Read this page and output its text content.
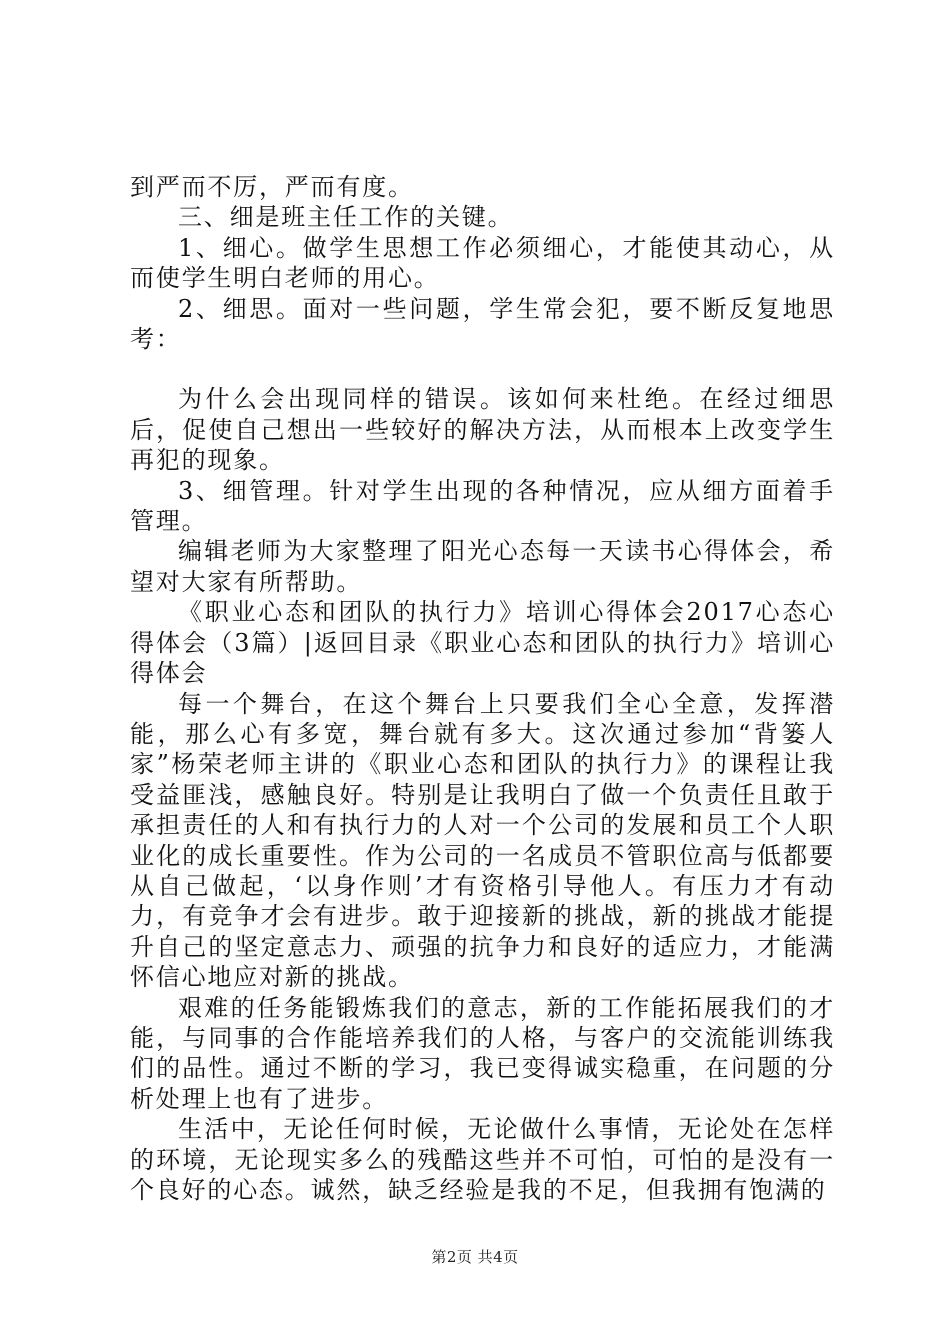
到严而不厉，严而有度。

三、细是班主任工作的关键。

1、细心。做学生思想工作必须细心，才能使其动心，从而使学生明白老师的用心。

2、细思。面对一些问题，学生常会犯，要不断反复地思考：

为什么会出现同样的错误。该如何来杜绝。在经过细思后，促使自己想出一些较好的解决方法，从而根本上改变学生再犯的现象。

3、细管理。针对学生出现的各种情况，应从细方面着手管理。

编辑老师为大家整理了阳光心态每一天读书心得体会，希望对大家有所帮助。

《职业心态和团队的执行力》培训心得体会2017心态心得体会（3篇）|返回目录《职业心态和团队的执行力》培训心得体会

每一个舞台，在这个舞台上只要我们全心全意，发挥潜能，那么心有多宽，舞台就有多大。这次通过参加“背篓人家”杨荣老师主讲的《职业心态和团队的执行力》的课程让我受益匪浅，感触良好。特别是让我明白了做一个负责任且敢于承担责任的人和有执行力的人对一个公司的发展和员工个人职业化的成长重要性。作为公司的一名成员不管职位高与低都要从自己做起，‘以身作则’才有资格引导他人。有压力才有动力，有竞争才会有进步。敢于迎接新的挑战，新的挑战才能提升自己的坚定意志力、顽强的抗争力和良好的适应力，才能满怀信心地应对新的挑战。

艰难的任务能锻炼我们的意志，新的工作能拓展我们的才能，与同事的合作能培养我们的人格，与客户的交流能训练我们的品性。通过不断的学习，我已变得诚实稳重，在问题的分析处理上也有了进步。

生活中，无论任何时候，无论做什么事情，无论处在怎样的环境，无论现实多么的残酷这些并不可怕，可怕的是没有一个良好的心态。诚然，缺乏经验是我的不足，但我拥有饱满的

第2页 共4页
